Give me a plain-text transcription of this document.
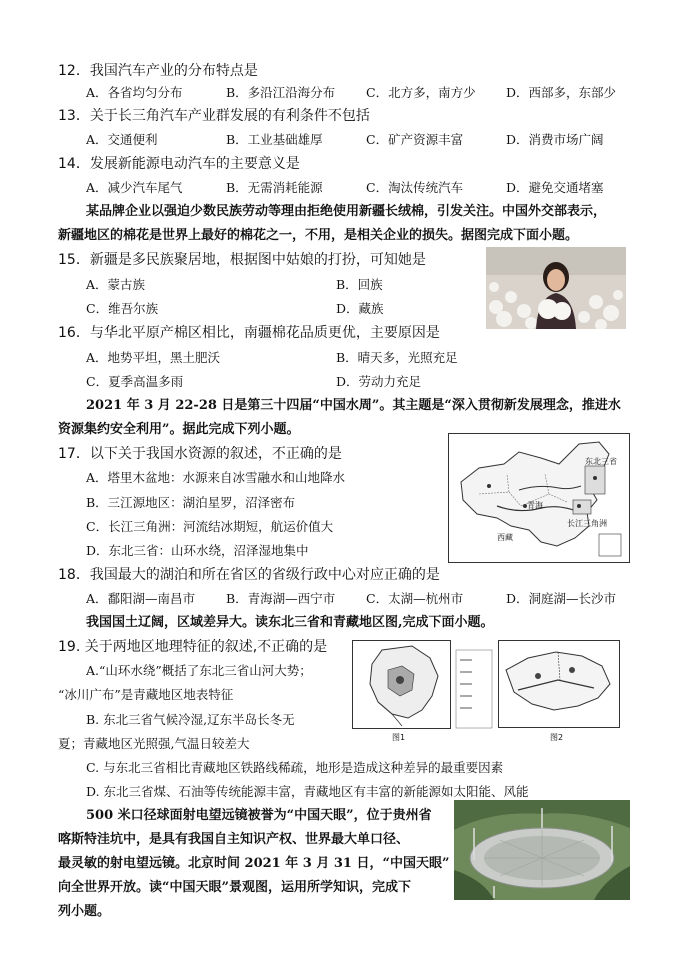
12．我国汽车产业的分布特点是
A．各省均匀分布	B．多沿江沿海分布 C．北方多，南方少 D．西部多，东部少
13．关于长三角汽车产业群发展的有利条件不包括
A．交通便利	B．工业基础雄厚	C．矿产资源丰富	D．消费市场广阔
14．发展新能源电动汽车的主要意义是
A．减少汽车尾气	B．无需消耗能源	C．淘汰传统汽车	D．避免交通堵塞
某品牌企业以强迫少数民族劳动等理由拒绝使用新疆长绒棉，引发关注。中国外交部表示，
新疆地区的棉花是世界上最好的棉花之一，不用，是相关企业的损失。据图完成下面小题。
15．新疆是多民族聚居地，根据图中姑娘的打扮，可知她是
A．蒙古族	B．回族
C．维吾尔族	D．藏族
16．与华北平原产棉区相比，南疆棉花品质更优，主要原因是
A．地势平坦，黑土肥沃	B．晴天多，光照充足
C．夏季高温多雨	D．劳动力充足
2021 年 3 月 22-28 日是第三十四届“中国水周”。其主题是“深入贯彻新发展理念，推进水
资源集约安全利用”。据此完成下列小题。
17．以下关于我国水资源的叙述，不正确的是
A．塔里木盆地：水源来自冰雪融水和山地降水
B．三江源地区：湖泊星罗，沼泽密布
C．长江三角洲：河流结冰期短，航运价值大
D．东北三省：山环水绕，沼泽湿地集中
东北三省
西藏
青海
长江三角洲
18．我国最大的湖泊和所在省区的省级行政中心对应正确的是
A．鄱阳湖—南昌市 B．青海湖—西宁市 C．太湖—杭州市	D．洞庭湖—长沙市
我国国土辽阔，区域差异大。读东北三省和青藏地区图,完成下面小题。
19. 关于两地区地理特征的叙述,不正确的是
A.“山环水绕”概括了东北三省山河大势；
“冰川广布”是青藏地区地表特征
B. 东北三省气候冷湿,辽东半岛长冬无
夏；青藏地区光照强,气温日较差大
C. 与东北三省相比青藏地区铁路线稀疏，地形是造成这种差异的最重要因素
D. 东北三省煤、石油等传统能源丰富，青藏地区有丰富的新能源如太阳能、风能
图1	图2
500 米口径球面射电望远镜被誉为“中国天眼”，位于贵州省
喀斯特洼坑中，是具有我国自主知识产权、世界最大单口径、
最灵敏的射电望远镜。北京时间 2021 年 3 月 31 日，“中国天眼”
向全世界开放。读“中国天眼”景观图，运用所学知识，完成下
列小题。
